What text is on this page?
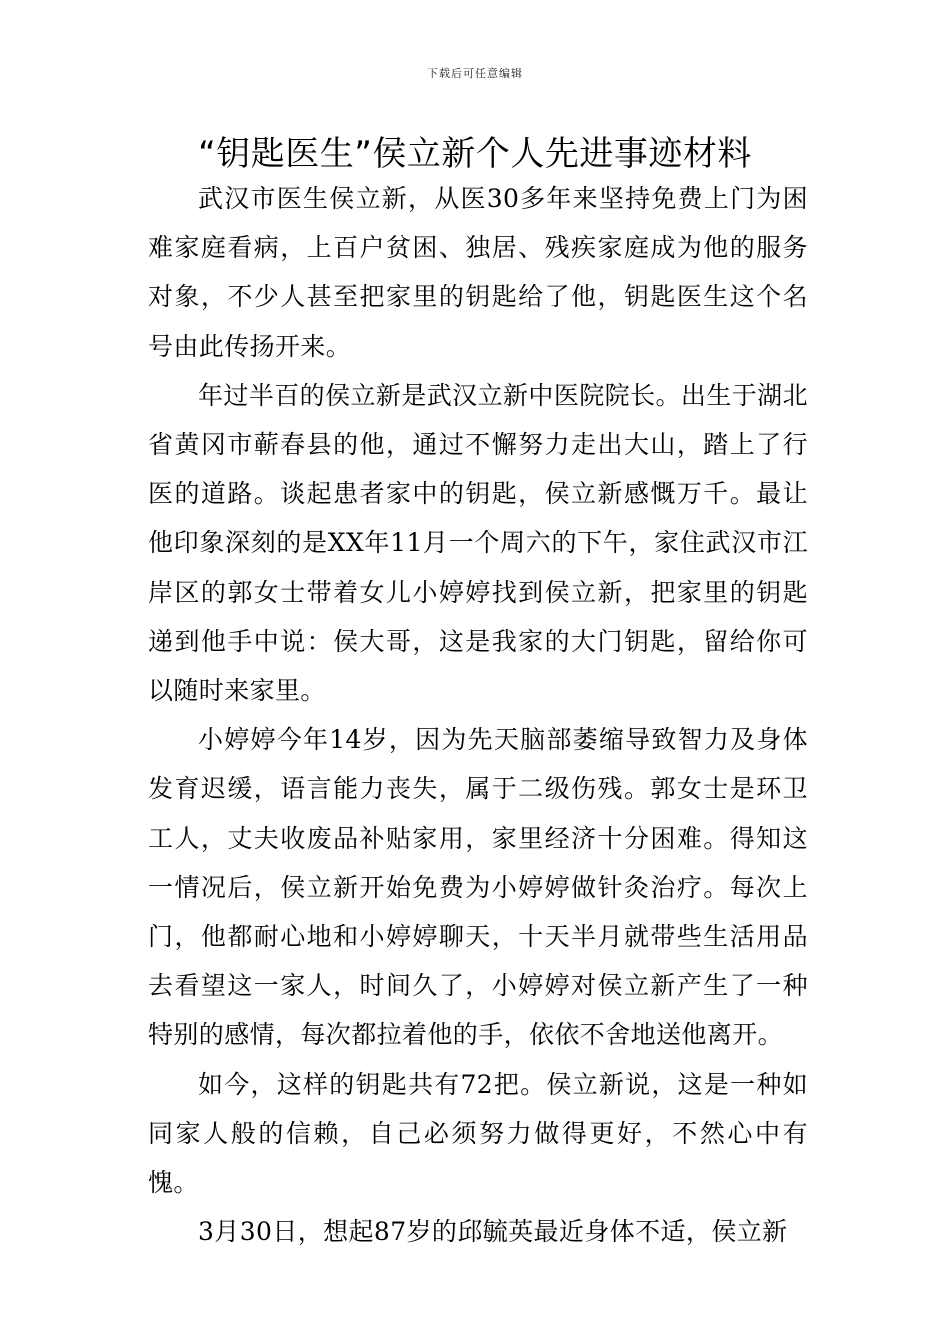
下载后可任意编辑
“钥匙医生”侯立新个人先进事迹材料

武汉市医生侯立新，从医30多年来坚持免费上门为困难家庭看病，上百户贫困、独居、残疾家庭成为他的服务对象，不少人甚至把家里的钥匙给了他，钥匙医生这个名号由此传扬开来。

年过半百的侯立新是武汉立新中医院院长。出生于湖北省黄冈市蕲春县的他，通过不懈努力走出大山，踏上了行医的道路。谈起患者家中的钥匙，侯立新感慨万千。最让他印象深刻的是XX年11月一个周六的下午，家住武汉市江岸区的郭女士带着女儿小婷婷找到侯立新，把家里的钥匙递到他手中说：侯大哥，这是我家的大门钥匙，留给你可以随时来家里。

小婷婷今年14岁，因为先天脑部萎缩导致智力及身体发育迟缓，语言能力丧失，属于二级伤残。郭女士是环卫工人，丈夫收废品补贴家用，家里经济十分困难。得知这一情况后，侯立新开始免费为小婷婷做针灸治疗。每次上门，他都耐心地和小婷婷聊天，十天半月就带些生活用品去看望这一家人，时间久了，小婷婷对侯立新产生了一种特别的感情，每次都拉着他的手，依依不舍地送他离开。

如今，这样的钥匙共有72把。侯立新说，这是一种如同家人般的信赖，自己必须努力做得更好，不然心中有愧。

3月30日，想起87岁的邱毓英最近身体不适，侯立新
